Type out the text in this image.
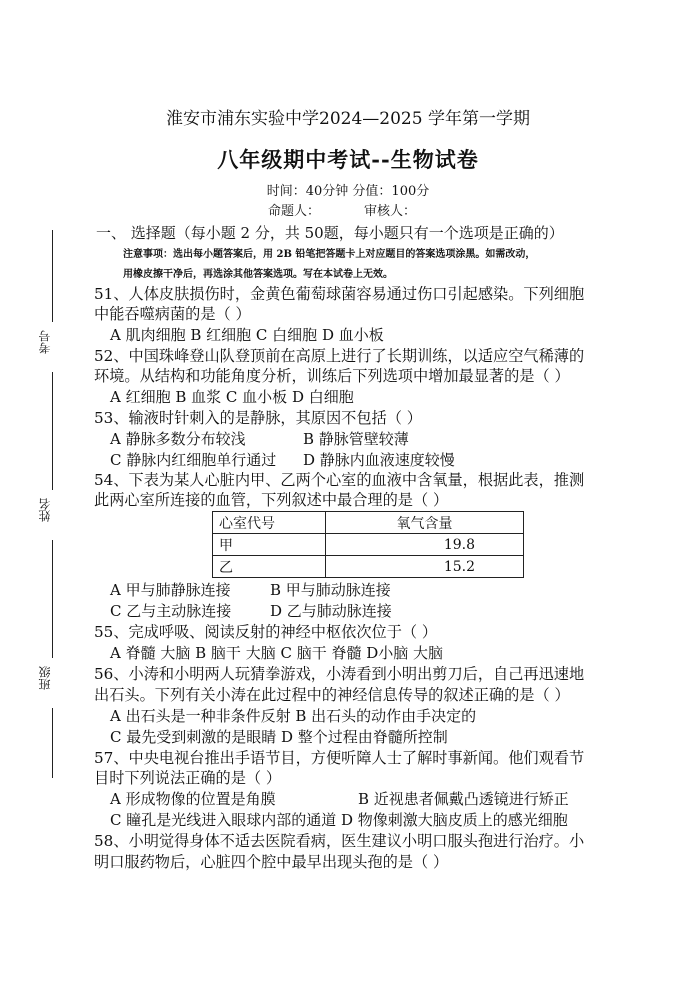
考号
姓名
班级
淮安市浦东实验中学2024—2025 学年第一学期
八年级期中考试--生物试卷
时间：40分钟 分值：100分
命题人：	审核人：
一、 选择题（每小题 2 分，共 50题，每小题只有一个选项是正确的）
注意事项：选出每小题答案后，用 2B 铅笔把答题卡上对应题目的答案选项涂黑。如需改动，
用橡皮擦干净后，再选涂其他答案选项。写在本试卷上无效。
51、人体皮肤损伤时，金黄色葡萄球菌容易通过伤口引起感染。下列细胞
中能吞噬病菌的是（ ）
A 肌肉细胞 B 红细胞 C 白细胞 D 血小板
52、中国珠峰登山队登顶前在高原上进行了长期训练，以适应空气稀薄的
环境。从结构和功能角度分析，训练后下列选项中增加最显著的是（ ）
A 红细胞 B 血浆 C 血小板 D 白细胞
53、输液时针刺入的是静脉，其原因不包括（ ）
A 静脉多数分布较浅	B 静脉管壁较薄
C 静脉内红细胞单行通过 D 静脉内血液速度较慢
54、下表为某人心脏内甲、乙两个心室的血液中含氧量，根据此表，推测
此两心室所连接的血管，下列叙述中最合理的是（ ）
心室代号	氧气含量
甲	19.8
乙	15.2
A 甲与肺静脉连接	B 甲与肺动脉连接
C 乙与主动脉连接	D 乙与肺动脉连接
55、完成呼吸、阅读反射的神经中枢依次位于（ ）
A 脊髓 大脑 B 脑干 大脑 C 脑干 脊髓 D小脑 大脑
56、小涛和小明两人玩猜拳游戏，小涛看到小明出剪刀后，自己再迅速地
出石头。下列有关小涛在此过程中的神经信息传导的叙述正确的是（ ）
A 出石头是一种非条件反射 B 出石头的动作由手决定的
C 最先受到刺激的是眼睛 D 整个过程由脊髓所控制
57、中央电视台推出手语节目，方便听障人士了解时事新闻。他们观看节
目时下列说法正确的是（ ）
A 形成物像的位置是角膜	B 近视患者佩戴凸透镜进行矫正
C 瞳孔是光线进入眼球内部的通道 D 物像刺激大脑皮质上的感光细胞
58、小明觉得身体不适去医院看病，医生建议小明口服头孢进行治疗。小
明口服药物后，心脏四个腔中最早出现头孢的是（ ）
